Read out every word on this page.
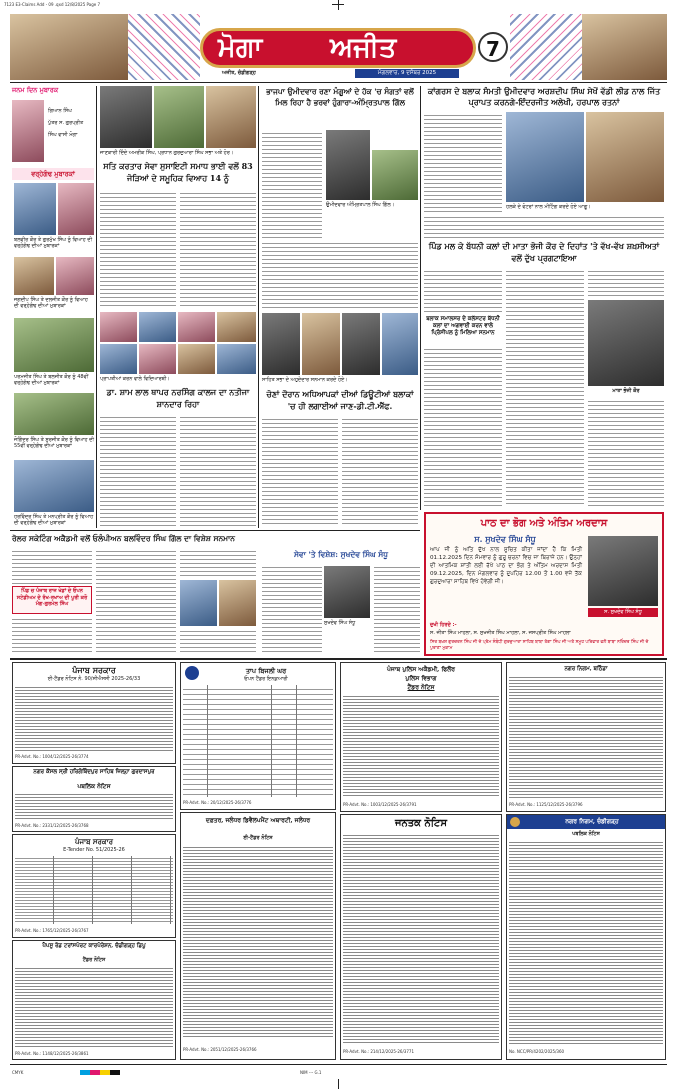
7123 E3-Claims Add - 09 .qxd 12/8/2025 Page 7
ਮੋਗਾ	ਅਜੀਤ	7
ਅਜੀਤ, ਚੰਡੀਗੜ੍ਹ	ਮੰਗਲਵਾਰ, 9 ਦਸੰਬਰ 2025
ਜਨਮ ਦਿਨ ਮੁਬਾਰਕ
ਗਿਆਨ ਸਿੰਘ
ਪੁੱਤਰ ਸ. ਗੁਰਪ੍ਰੀਤ
ਸਿੰਘ ਵਾਸੀ ਮੋਗਾ
ਵਰ੍ਹੇਗੰਢ ਮੁਬਾਰਕਾਂ
ਬਲਵੀਰ ਕੌਰ ਤੇ ਗੁਰਮੁੱਖ ਸਿੰਘ ਨੂੰ ਵਿਆਹ ਦੀ ਵਰ੍ਹੇਗੰਢ ਦੀਆਂ ਮੁਬਾਰਕਾਂ
ਜਗਦੀਪ ਸਿੰਘ ਤੇ ਦਲਜੀਤ ਕੌਰ ਨੂੰ ਵਿਆਹ ਦੀ ਵਰ੍ਹੇਗੰਢ ਦੀਆਂ ਮੁਬਾਰਕਾਂ
ਪਰਮਜੀਤ ਸਿੰਘ ਤੇ ਬਲਜੀਤ ਕੌਰ ਨੂੰ 48ਵੀਂ ਵਰ੍ਹੇਗੰਢ ਦੀਆਂ ਮੁਬਾਰਕਾਂ
ਜੋਗਿੰਦਰ ਸਿੰਘ ਤੇ ਸੁਰਜੀਤ ਕੌਰ ਨੂੰ ਵਿਆਹ ਦੀ 55ਵੀਂ ਵਰ੍ਹੇਗੰਢ ਦੀਆਂ ਮੁਬਾਰਕਾਂ
ਹਰਵਿੰਦਰ ਸਿੰਘ ਤੇ ਮਨਪ੍ਰੀਤ ਕੌਰ ਨੂੰ ਵਿਆਹ ਦੀ ਵਰ੍ਹੇਗੰਢ ਦੀਆਂ ਮੁਬਾਰਕਾਂ
ਜਾਣਕਾਰੀ ਦਿੰਦੇ ਅਮਰੀਕ ਸਿੰਘ, ਪ੍ਰਧਾਨ ਗੁਰਦੁਆਰਾ ਸਿੰਘ ਸਭਾ ਅਤੇ ਹੋਰ।
ਸਤਿ ਕਰਤਾਰ ਸੇਵਾ ਸੁਸਾਇਟੀ ਸਮਾਧ ਭਾਈ ਵਲੋਂ 83 ਜੋੜਿਆਂ ਦੇ ਸਮੂਹਿਕ ਵਿਆਹ 14 ਨੂੰ
ਪ੍ਰਾਪਤੀਆਂ ਕਰਨ ਵਾਲੇ ਵਿਦਿਆਰਥੀ।
ਡਾ. ਸ਼ਾਮ ਲਾਲ ਥਾਪਰ ਨਰਸਿੰਗ ਕਾਲਜ ਦਾ ਨਤੀਜਾ ਸ਼ਾਨਦਾਰ ਰਿਹਾ
ਭਾਜਪਾ ਉਮੀਦਵਾਰ ਰਣਾ ਮੰਗੂਆਂ ਦੇ ਹੱਕ 'ਚ ਸੰਗਤਾਂ ਵਲੋਂ ਮਿਲ ਰਿਹਾ ਹੈ ਭਰਵਾਂ ਹੁੰਗਾਰਾ-ਅੰਮ੍ਰਿਤਪਾਲ ਗਿੱਲ
ਉਮੀਦਵਾਰ ਅੰਮ੍ਰਿਤਪਾਲ ਸਿੰਘ ਗਿੱਲ।
ਸਾਹਿਤ ਸਭਾ ਦੇ ਅਹੁਦੇਦਾਰ ਸਨਮਾਨ ਕਰਦੇ ਹੋਏ।
ਚੋਣਾਂ ਦੌਰਾਨ ਅਧਿਆਪਕਾਂ ਦੀਆਂ ਡਿਊਟੀਆਂ ਬਲਾਕਾਂ 'ਚ ਹੀ ਲਗਾਈਆਂ ਜਾਣ-ਡੀ.ਟੀ.ਐੱਫ.
ਕਾਂਗਰਸ ਦੇ ਬਲਾਕ ਸੰਮਤੀ ਉਮੀਦਵਾਰ ਅਰਸ਼ਦੀਪ ਸਿੰਘ ਸੇਖੋਂ ਵੱਡੀ ਲੀਡ ਨਾਲ ਜਿੱਤ ਪ੍ਰਾਪਤ ਕਰਨਗੇ-ਇੰਦਰਜੀਤ ਅਲੇਖੀ, ਹਰਪਾਲ ਰਤਨਾਂ
ਹਲਕੇ ਦੇ ਵੋਟਰਾਂ ਨਾਲ ਮੀਟਿੰਗ ਕਰਦੇ ਹੋਏ ਆਗੂ।
ਪਿੰਡ ਮਲ ਕੇ ਬੱਧਨੀ ਕਲਾਂ ਦੀ ਮਾਤਾ ਭੋਜੀ ਕੌਰ ਦੇ ਦਿਹਾਂਤ 'ਤੇ ਵੱਖ-ਵੱਖ ਸ਼ਖ਼ਸੀਅਤਾਂ ਵਲੋਂ ਦੁੱਖ ਪ੍ਰਗਟਾਇਆ
ਬਲਾਕ ਸਮਾਲਸਰ ਦੇ ਕਲੱਸਟਰ ਬੱਧਨੀ ਕਲਾਂ ਦਾ ਅਗਵਾਈ ਕਰਨ ਵਾਲੇ ਪ੍ਰਿੰਸੀਪਲ ਨੂੰ ਮਿਲਿਆ ਸਨਮਾਨ
ਮਾਤਾ ਭੋਜੀ ਕੌਰ
ਰੋਲਰ ਸਕੇਟਿੰਗ ਅਕੈਡਮੀ ਵਲੋਂ ਓਲੰਪੀਅਨ ਬਲਵਿੰਦਰ ਸਿੰਘ ਗਿੱਲ ਦਾ ਵਿਸ਼ੇਸ਼ ਸਨਮਾਨ
ਪਿੰਡ ਚ ਪੰਜਾਬ ਰਾਜ ਖੇਡਾਂ ਦੇ ਓਪਨ ਸਟੇਡੀਅਮ ਦੇ ਰੱਖ-ਰਖਾਅ ਦੀ ਪੂਰੀ ਕਰੋ ਮੰਗ-ਗੁਰਮੇਲ ਸਿੰਘ
ਸੇਵਾ 'ਤੇ ਵਿਸ਼ੇਸ਼: ਸੁਖਦੇਵ ਸਿੰਘ ਸੰਧੂ
ਸੁਖਦੇਵ ਸਿੰਘ ਸੰਧੂ
ਪਾਠ ਦਾ ਭੋਗ ਅਤੇ ਅੰਤਿਮ ਅਰਦਾਸ
ਸ. ਸੁਖਦੇਵ ਸਿੰਘ ਸੰਧੂ
ਆਪ ਜੀ ਨੂੰ ਅਤਿ ਦੁੱਖ ਨਾਲ ਸੂਚਿਤ ਕੀਤਾ ਜਾਂਦਾ ਹੈ ਕਿ ਮਿਤੀ 01.12.2025 ਦਿਨ ਸੋਮਵਾਰ ਨੂੰ ਗੁਰੂ ਚਰਨਾਂ ਵਿਚ ਜਾ ਬਿਰਾਜੇ ਹਨ। ਉਨ੍ਹਾਂ ਦੀ ਆਤਮਿਕ ਸ਼ਾਂਤੀ ਲਈ ਰੱਖੇ ਪਾਠ ਦਾ ਭੋਗ ਤੇ ਅੰਤਿਮ ਅਰਦਾਸ ਮਿਤੀ 09.12.2025, ਦਿਨ ਮੰਗਲਵਾਰ ਨੂੰ ਦੁਪਹਿਰ 12.00 ਤੋਂ 1.00 ਵਜੇ ਤੱਕ ਗੁਰਦੁਆਰਾ ਸਾਹਿਬ ਵਿਖੇ ਹੋਵੇਗੀ ਜੀ।
ਸ. ਸੁਖਦੇਵ ਸਿੰਘ ਸੰਧੂ
ਦੁਖੀ ਹਿਰਦੇ :-
ਸ. ਜੀਤਾ ਸਿੰਘ ਮਾਹਲਾ, ਸ. ਸੁਖਜੀਤ ਸਿੰਘ ਮਾਹਲਾ, ਸ. ਜਸਪ੍ਰੀਤ ਸਿੰਘ ਮਾਹਲਾ
ਸਿਰ ਬਖ਼ਸ਼ ਗੁਰਚਰਨ ਸਿੰਘ ਜੀ ਦੇ ਪ੍ਰੇਮ ਸੰਬੰਧੀ ਗੁਰਦੁਆਰਾ ਸਾਹਿਬ ਬਾਬਾ ਤੇਗਾ ਸਿੰਘ ਜੀ ਅਤੇ ਸਮੂਹ ਪਰਿਵਾਰ ਵਲੋਂ ਬਾਬਾ ਨਰਿੰਦਰ ਸਿੰਘ ਜੀ ਦੇ ਪੁਰਾਣਾ ਮੁਕਾਮ
ਪੰਜਾਬ ਸਰਕਾਰ
ਈ-ਟੈਂਡਰ ਨੋਟਿਸ ਨੰ. 90/ਸੀਐਸਸੀ 2025-26/33
PR-Advt. No.: 1004/12/2025-26/3774
ਨਗਰ ਕੌਂਸਲ ਸ੍ਰੀ ਹਰਿਗੋਬਿੰਦਪੁਰ ਸਾਹਿਬ ਜ਼ਿਲ੍ਹਾ ਗੁਰਦਾਸਪੁਰ
ਪਬਲਿਕ ਨੋਟਿਸ
PR-Advt. No.: 2331/12/2025-26/3768
ਪੰਜਾਬ ਸਰਕਾਰ
E-Tender No. 51/2025-26
PR-Advt. No.: 1765/12/2025-26/3767
ਪੈਪਸੂ ਰੋਡ ਟਰਾਂਸਪੋਰਟ ਕਾਰਪੋਰੇਸ਼ਨ, ਚੰਡੀਗੜ੍ਹ ਡਿਪੂ
ਟੈਂਡਰ ਨੋਟਿਸ
PR-Advt. No.: 1148/12/2025-26/3861
ਤਾਪ ਬਿਜਲੀ ਘਰ
ਓਪਨ ਟੈਂਡਰ ਇਨਕੁਆਰੀ
PR-Advt. No.: 20/12/2025-26/3776
ਦਫ਼ਤਰ, ਜਲੰਧਰ ਡਿਵੈਲਪਮੈਂਟ ਅਥਾਰਟੀ, ਜਲੰਧਰ
ਈ-ਟੈਂਡਰ ਨੋਟਿਸ
PR-Advt. No.: 2051/12/2025-26/3766
ਪੰਜਾਬ ਪੁਲਿਸ ਅਕੈਡਮੀ, ਫਿਲੌਰ
ਪੁਲਿਸ ਵਿਭਾਗ
ਟੈਂਡਰ ਨੋਟਿਸ
PR-Advt. No.: 1003/12/2025-26/3791
ਜਨਤਕ ਨੋਟਿਸ
PR-Advt. No.: 214/12/2025-26/3771
ਨਗਰ ਨਿਗਮ, ਬਠਿੰਡਾ
PR-Advt. No.: 1125/12/2025-26/3796
ਨਗਰ ਨਿਗਮ, ਚੰਡੀਗੜ੍ਹ
ਪਬਲਿਕ ਨੋਟਿਸ
No. NCC/PR/4202/2025/360
CMYK	NIM --- G.1
